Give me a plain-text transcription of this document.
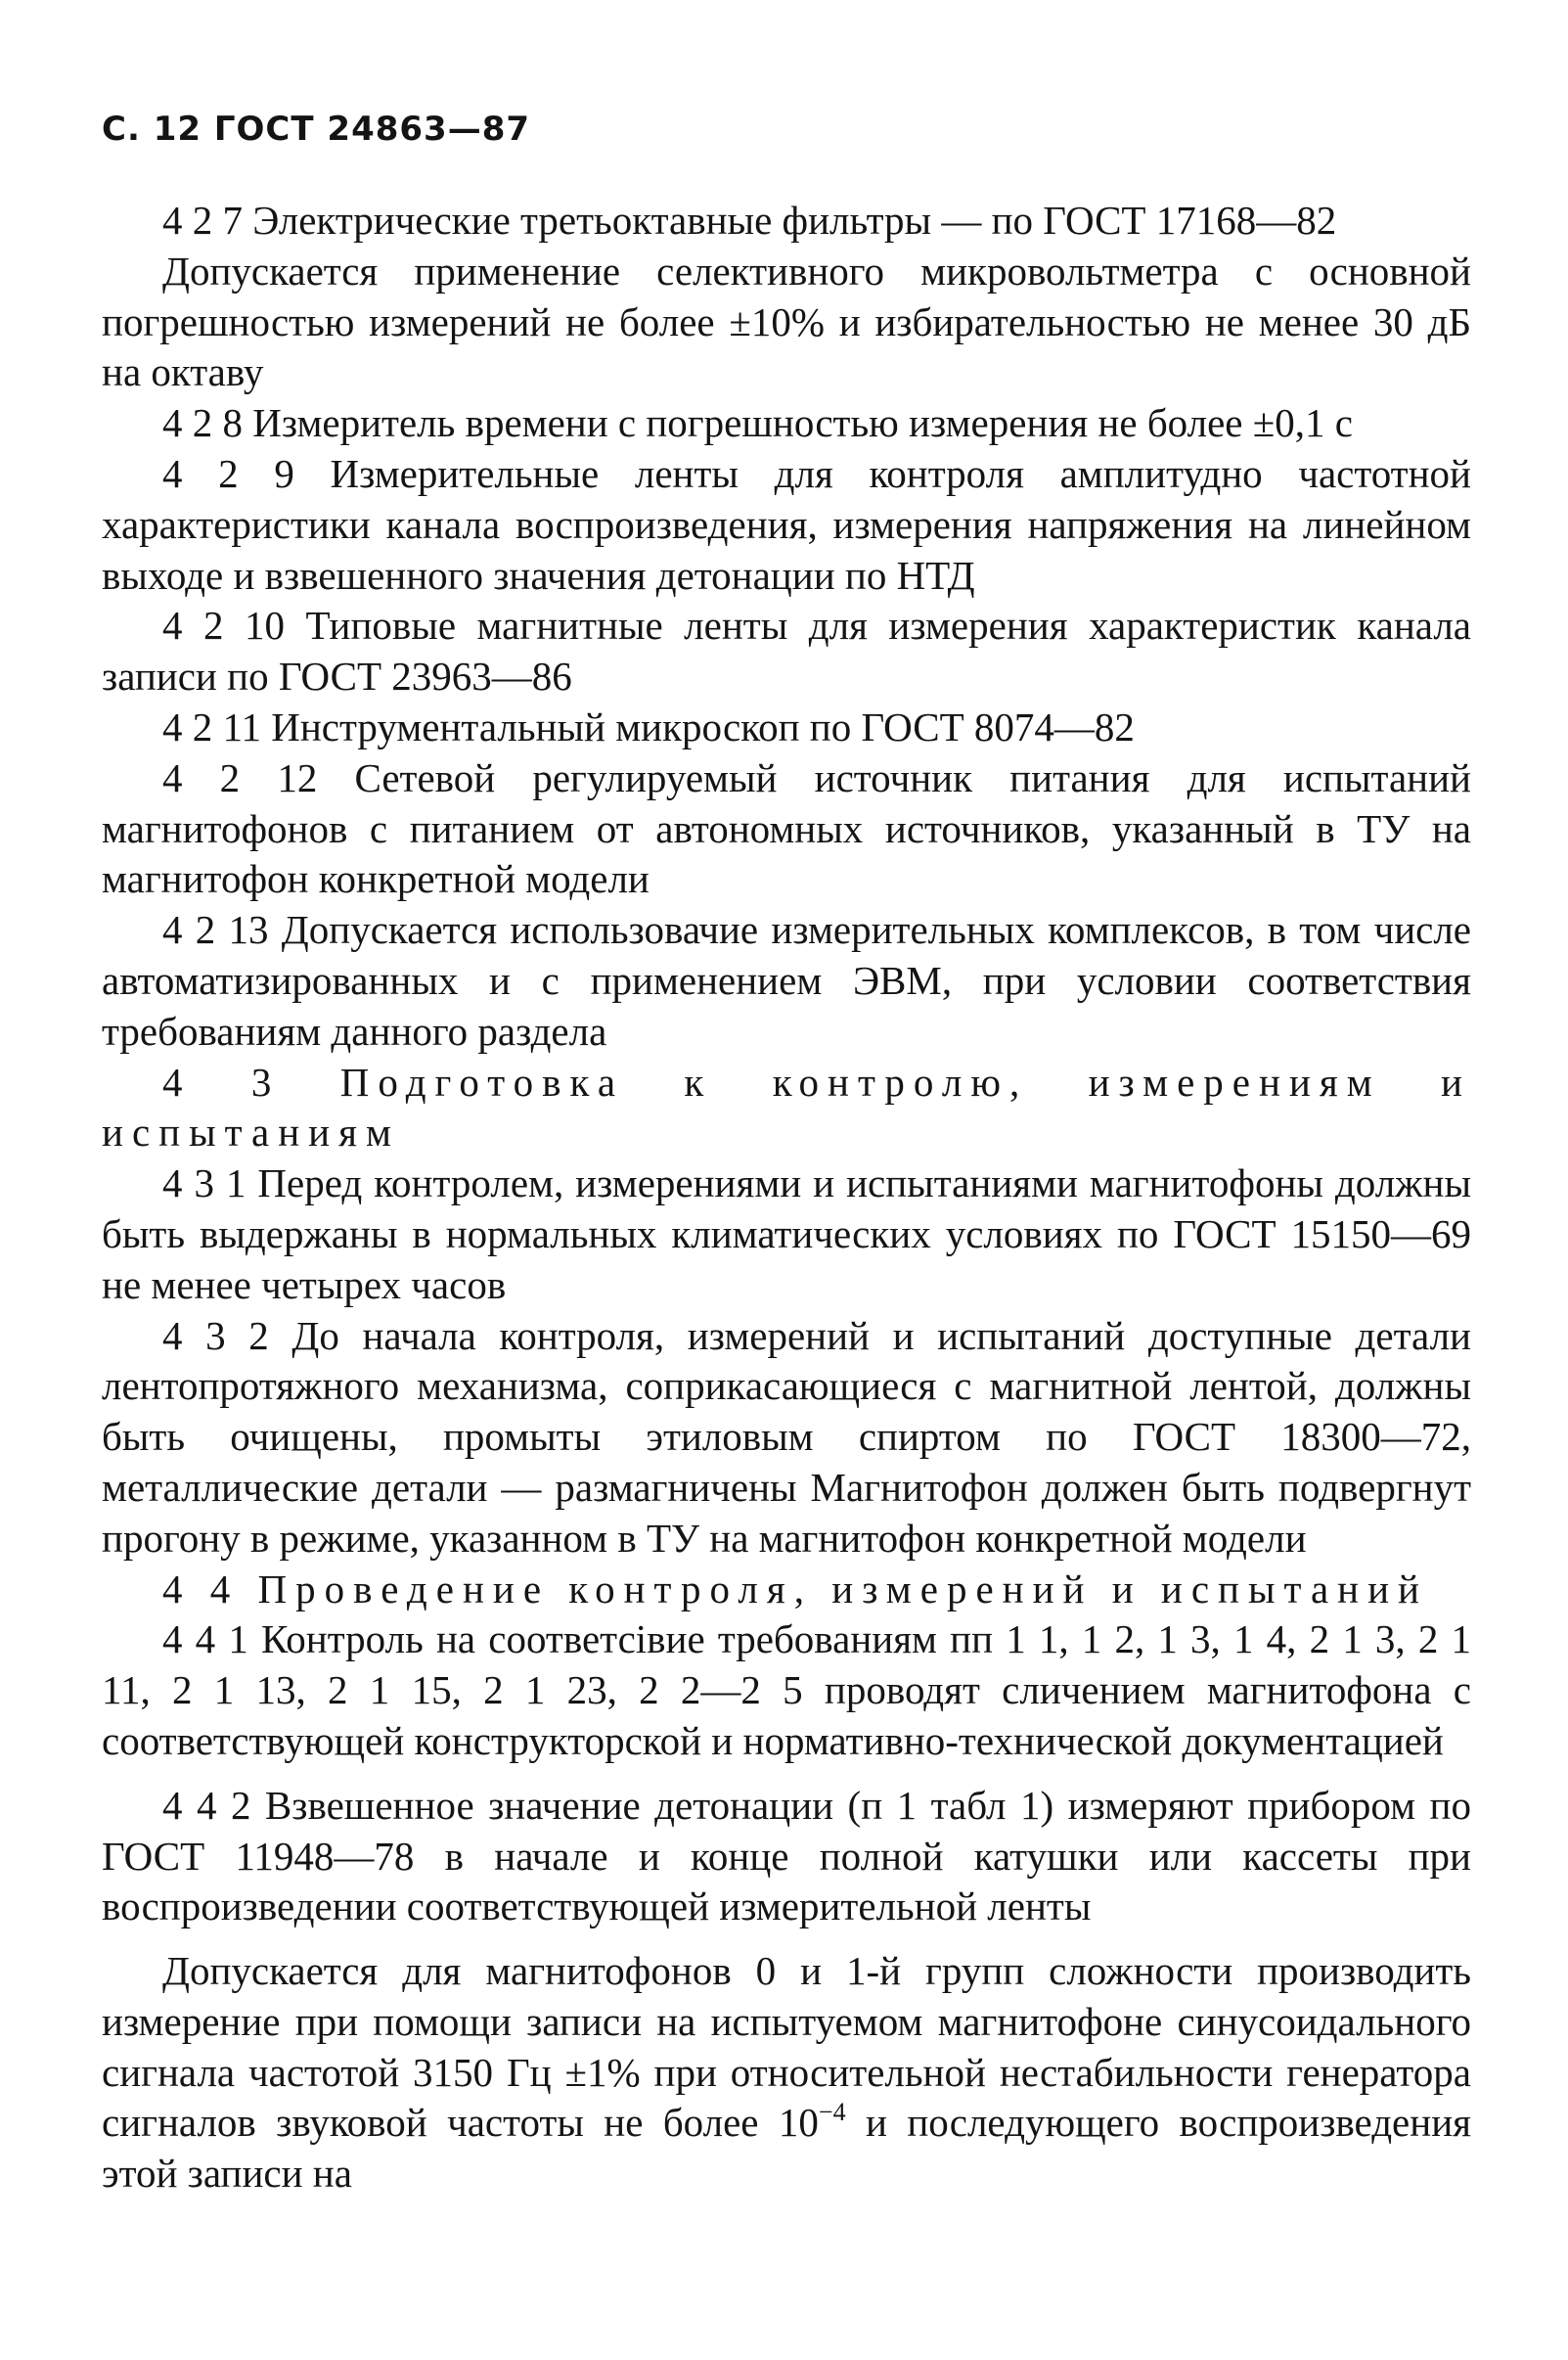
С. 12 ГОСТ 24863—87

4 2 7 Электрические третьоктавные фильтры — по ГОСТ 17168—82

Допускается применение селективного микровольтметра с основной погрешностью измерений не более ±10% и избирательностью не менее 30 дБ на октаву

4 2 8 Измеритель времени с погрешностью измерения не более ±0,1 с

4 2 9 Измерительные ленты для контроля амплитудно частотной характеристики канала воспроизведения, измерения напряжения на линейном выходе и взвешенного значения детонации по НТД

4 2 10 Типовые магнитные ленты для измерения характеристик канала записи по ГОСТ 23963—86

4 2 11 Инструментальный микроскоп по ГОСТ 8074—82

4 2 12 Сетевой регулируемый источник питания для испытаний магнитофонов с питанием от автономных источников, указанный в ТУ на магнитофон конкретной модели

4 2 13 Допускается использовачие измерительных комплексов, в том числе автоматизированных и с применением ЭВМ, при условии соответствия требованиям данного раздела

4 3 Подготовка к контролю, измерениям и испытаниям

4 3 1 Перед контролем, измерениями и испытаниями магнитофоны должны быть выдержаны в нормальных климатических условиях по ГОСТ 15150—69 не менее четырех часов

4 3 2 До начала контроля, измерений и испытаний доступные детали лентопротяжного механизма, соприкасающиеся с магнитной лентой, должны быть очищены, промыты этиловым спиртом по ГОСТ 18300—72, металлические детали — размагничены Магнитофон должен быть подвергнут прогону в режиме, указанном в ТУ на магнитофон конкретной модели

4 4 Проведение контроля, измерений и испытаний

4 4 1 Контроль на соответсівие требованиям пп 1 1, 1 2, 1 3, 1 4, 2 1 3, 2 1 11, 2 1 13, 2 1 15, 2 1 23, 2 2—2 5 проводят сличением магнитофона с соответствующей конструкторской и нормативно-технической документацией

4 4 2 Взвешенное значение детонации (п 1 табл 1) измеряют прибором по ГОСТ 11948—78 в начале и конце полной катушки или кассеты при воспроизведении соответствующей измерительной ленты

Допускается для магнитофонов 0 и 1-й групп сложности производить измерение при помощи записи на испытуемом магнитофоне синусоидального сигнала частотой 3150 Гц ±1% при относительной нестабильности генератора сигналов звуковой частоты не более $10^{-4}$ и последующего воспроизведения этой записи на
